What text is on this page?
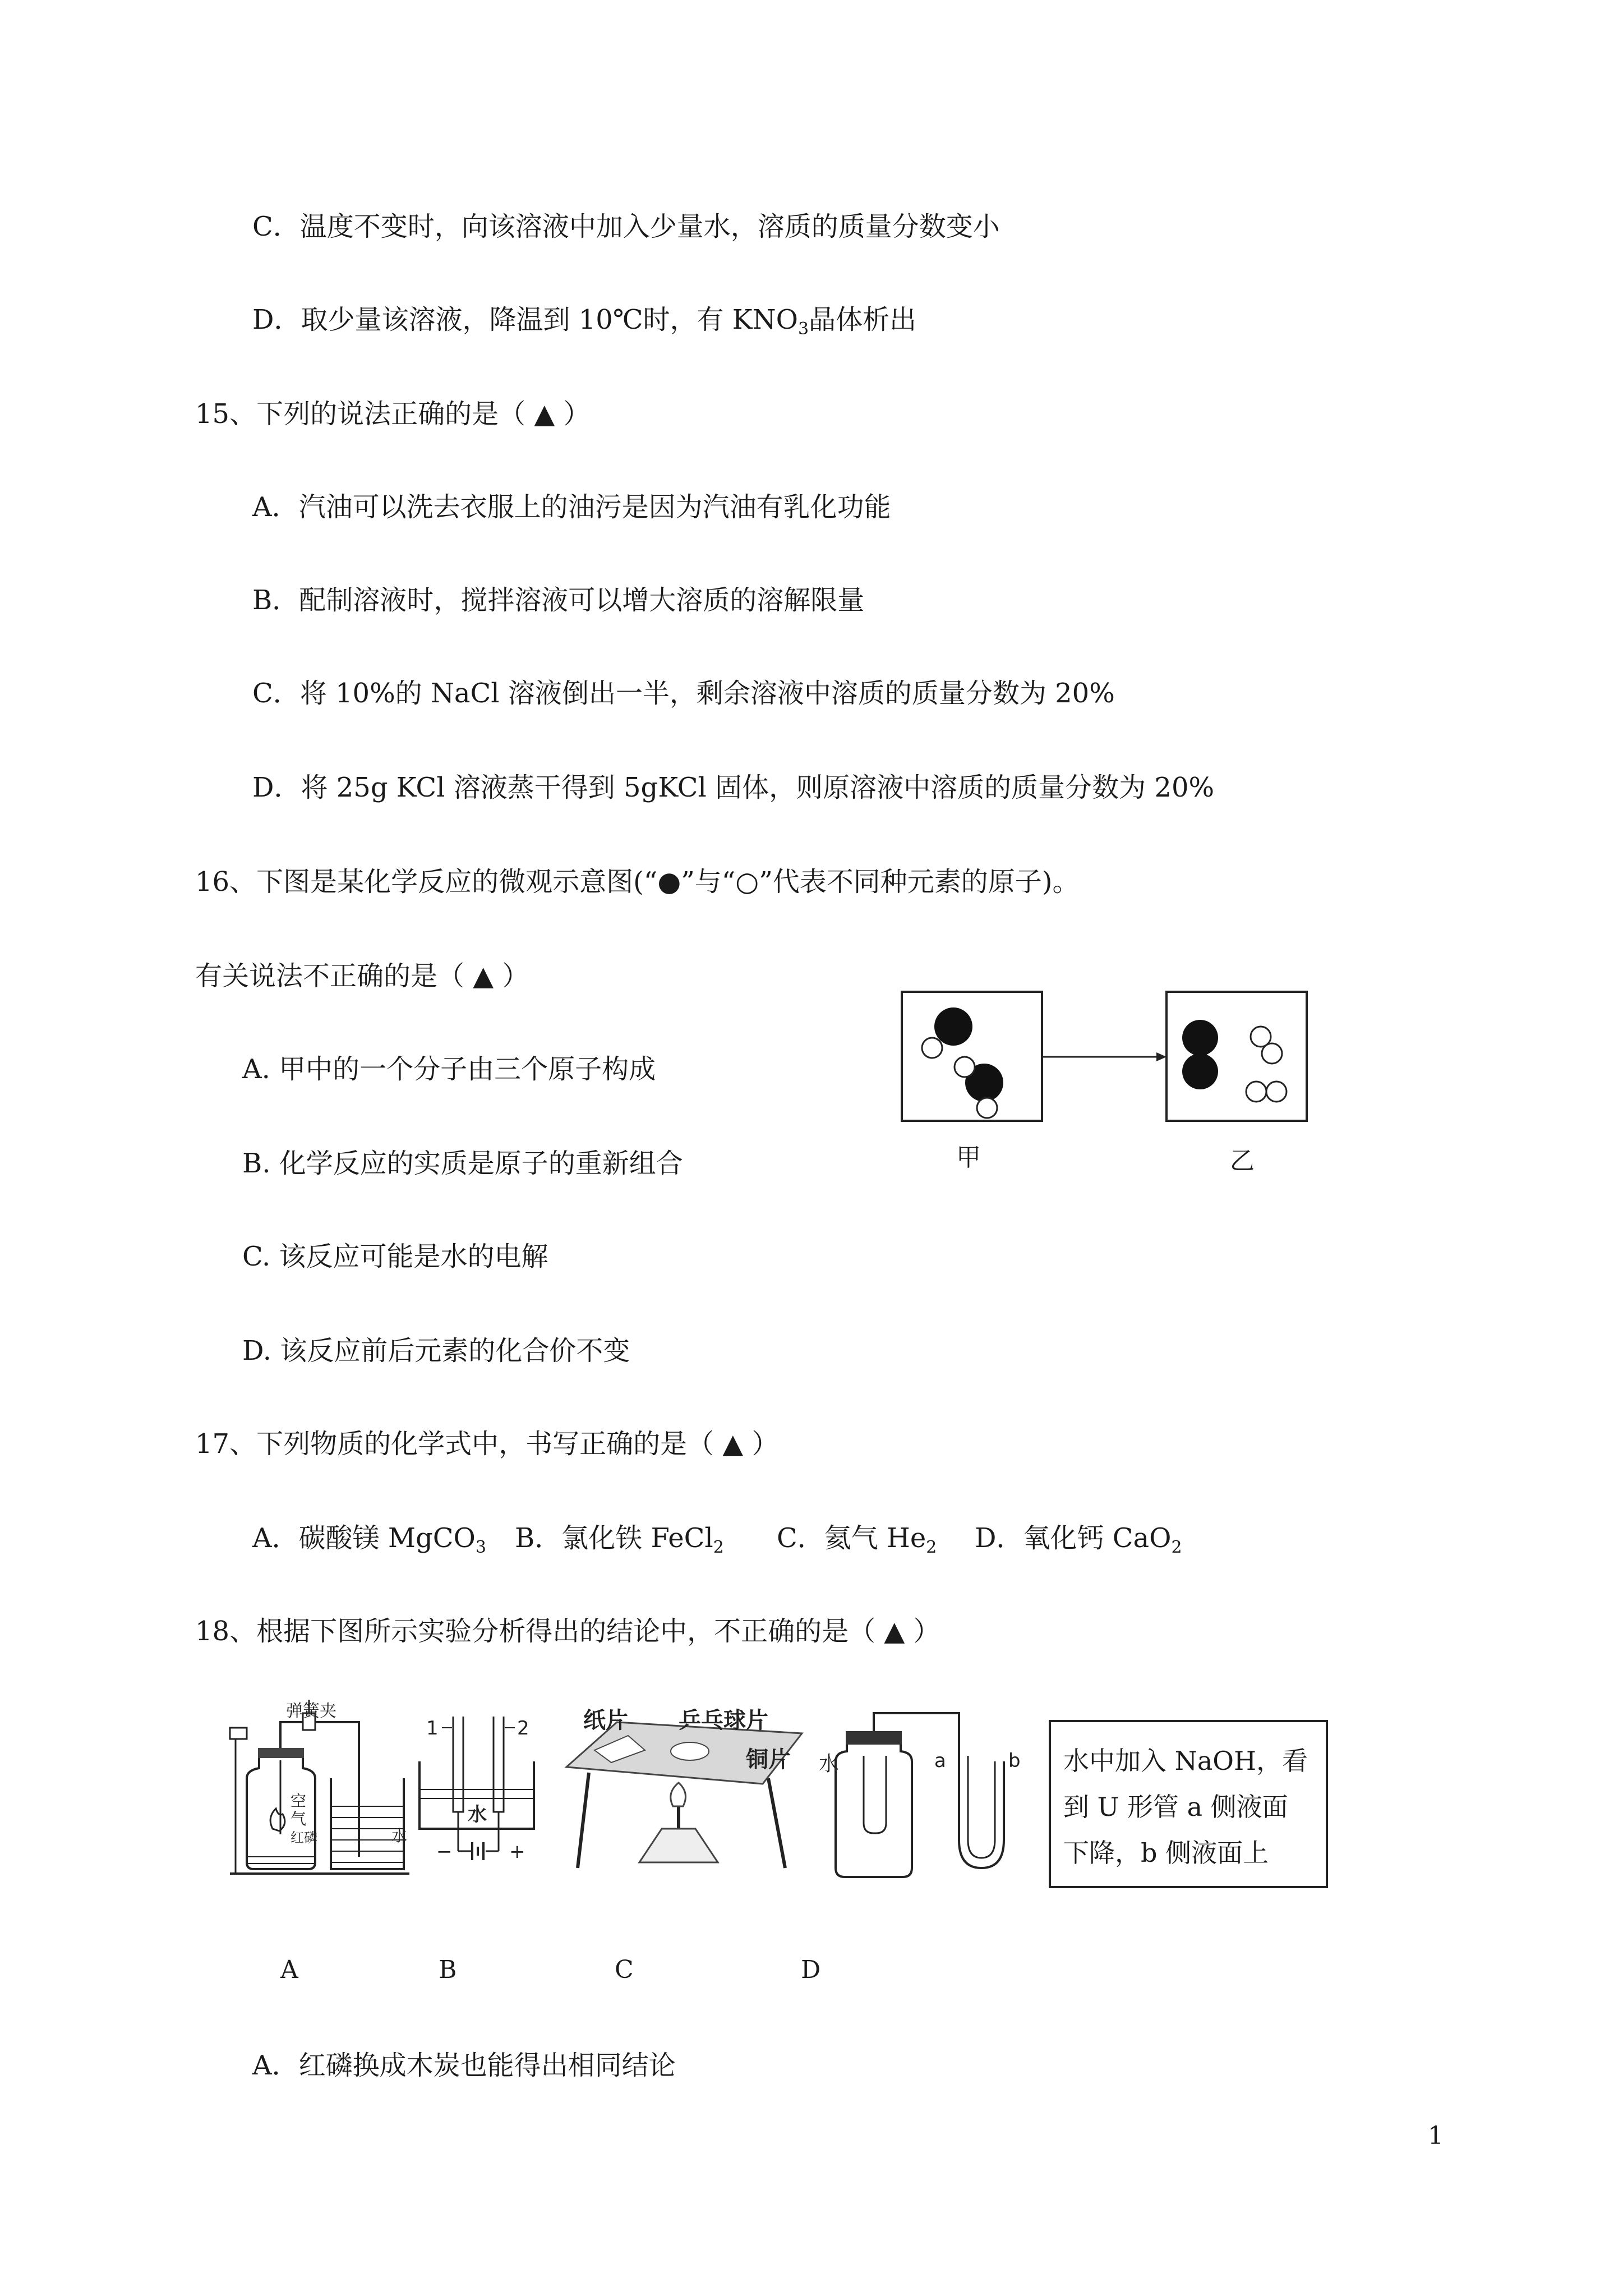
C．温度不变时，向该溶液中加入少量水，溶质的质量分数变小
D．取少量该溶液，降温到 10℃时，有 $KNO_3$晶体析出
15、下列的说法正确的是（ ▲ ）
A．汽油可以洗去衣服上的油污是因为汽油有乳化功能
B．配制溶液时，搅拌溶液可以增大溶质的溶解限量
C．将 10%的 NaCl 溶液倒出一半，剩余溶液中溶质的质量分数为 20%
D．将 25g KCl 溶液蒸干得到 5gKCl 固体，则原溶液中溶质的质量分数为 20%
16、下图是某化学反应的微观示意图(“●”与“○”代表不同种元素的原子)。
有关说法不正确的是（ ▲ ）
A. 甲中的一个分子由三个原子构成
B. 化学反应的实质是原子的重新组合
C. 该反应可能是水的电解
D. 该反应前后元素的化合价不变
甲	乙
17、下列物质的化学式中，书写正确的是（ ▲ ）
A．碳酸镁 MgCO$_3$ B．氯化铁 FeCl$_2$ C．氦气 $He_2$ D．氧化钙 CaO$_2$
18、根据下图所示实验分析得出的结论中，不正确的是（ ▲ ）
弹簧夹
空
气
红磷	水
1	2
水
−	+
纸片 乒乓球片
铜片 水	a	b	水中加入 NaOH，看到 U 形管 a 侧液面下降，b 侧液面上
A	B	C	D
A．红磷换成木炭也能得出相同结论
1
